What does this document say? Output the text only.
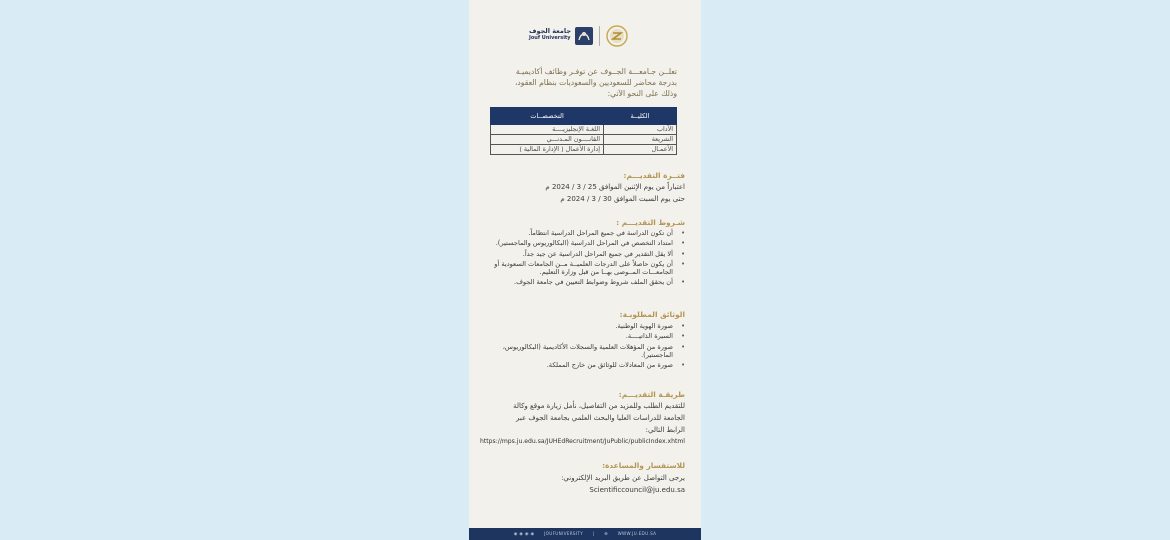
جامعة الجوف
Jouf University
تعلــن جـامعـــة الجــوف عن توفـر وظائف أكاديميـة
بدرجة محاضر للسعوديين والسعوديات بنظام العقود،
وذلك على النحو الآتي:
الكليــة	التخصصــات
الآداب	اللغـة الإنجليزيــــة
الشريعة	القانــــون المـدنـــي
الأعمـال	إدارة الأعمال ( الإدارة المالية )
فتــرة التقديـــم:
اعتباراً من يوم الإثنين الموافق 25 / 3 / 2024 م
حتى يوم السبت الموافق 30 / 3 / 2024 م
شـروط التقديـــم :
• أن تكون الدراسة في جميع المراحل الدراسية انتظاماً.
• امتداد التخصص في المراحل الدراسية (البكالوريوس والماجستير).
• ألا يقل التقدير في جميع المراحل الدراسية عن جيد جداً.
• أن يكون حاصلاً على الدرجات العلميــة مــن الجامعات السعودية أو الجامعـــات المــوصى بهــا من قبل وزارة التعليم.
• أن يحقق الملف شروط وضوابط التعيين في جامعة الجوف.
الوثائق المطلوبـة:
• صورة الهوية الوطنية.
• السيرة الذاتيــــة.
• صورة من المؤهلات العلمية والسجلات الأكاديمية (البكالوريوس، الماجستير).
• صورة من المعادلات للوثائق من خارج المملكة.
طريقـة التقديـــم:
للتقديم الطلب وللمزيد من التفاصيل، نأمل زيارة موقع وكالة
الجامعة للدراسات العليا والبحث العلمي بجامعة الجوف عبر
الرابط التالي:
https://mps.ju.edu.sa/JUHEdRecruitment/JuPublic/publicIndex.xhtml
للاستفسار والمساعدة:
يرجى التواصل عن طريق البريد الإلكتروني:
Scientificcouncil@ju.edu.sa
◉ ◉ ◉ ◉ JOUFUNIVERSITY | ⊕ WWW.JU.EDU.SA
